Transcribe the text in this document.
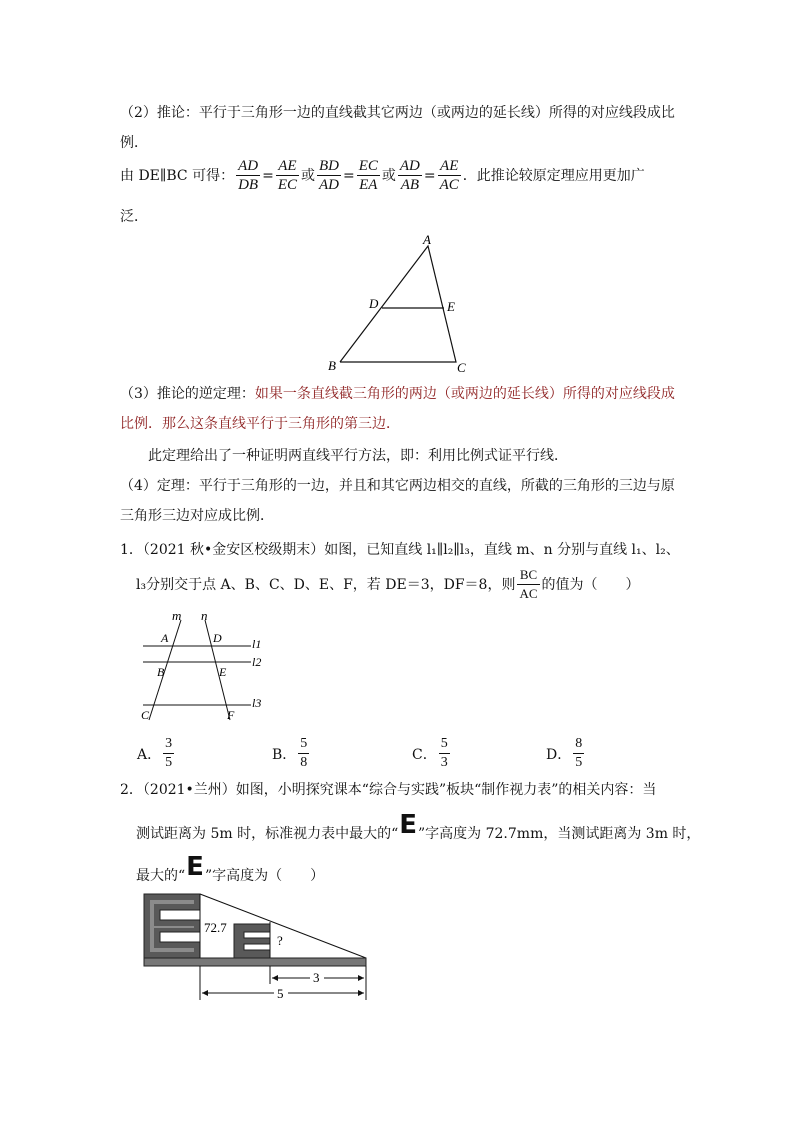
（2）推论：平行于三角形一边的直线截其它两边（或两边的延长线）所得的对应线段成比
例．
由 DE∥BC 可得： $\frac{AD}{DB} = \frac{AE}{EC}$ 或 $\frac{BD}{AD} = \frac{EC}{EA}$ 或 $\frac{AD}{AB} = \frac{AE}{AC}$ ．此推论较原定理应用更加广
泛．
A
D	E
B	C
（3）推论的逆定理：如果一条直线截三角形的两边（或两边的延长线）所得的对应线段成
比例．那么这条直线平行于三角形的第三边．
此定理给出了一种证明两直线平行方法，即：利用比例式证平行线．
（4）定理：平行于三角形的一边，并且和其它两边相交的直线，所截的三角形的三边与原
三角形三边对应成比例．
1．（2021 秋•金安区校级期末）如图，已知直线 l₁∥l₂∥l₃，直线 m、n 分别与直线 l₁、l₂、
l₃分别交于点 A、B、C、D、E、F，若 DE＝3，DF＝8，则 $\frac{BC}{AC}$ 的值为（　　）
m n
l1
l2
l3
A	D
B	E
C	F
A． $\frac{3}{5}$	B． $\frac{5}{8}$	C． $\frac{5}{3}$	D． $\frac{8}{5}$
2．（2021•兰州）如图，小明探究课本“综合与实践”板块“制作视力表”的相关内容：当
测试距离为 5m 时，标准视力表中最大的“E”字高度为 72.7mm，当测试距离为 3m 时，
最大的“E”字高度为（　　）
72.7
?
3
5
